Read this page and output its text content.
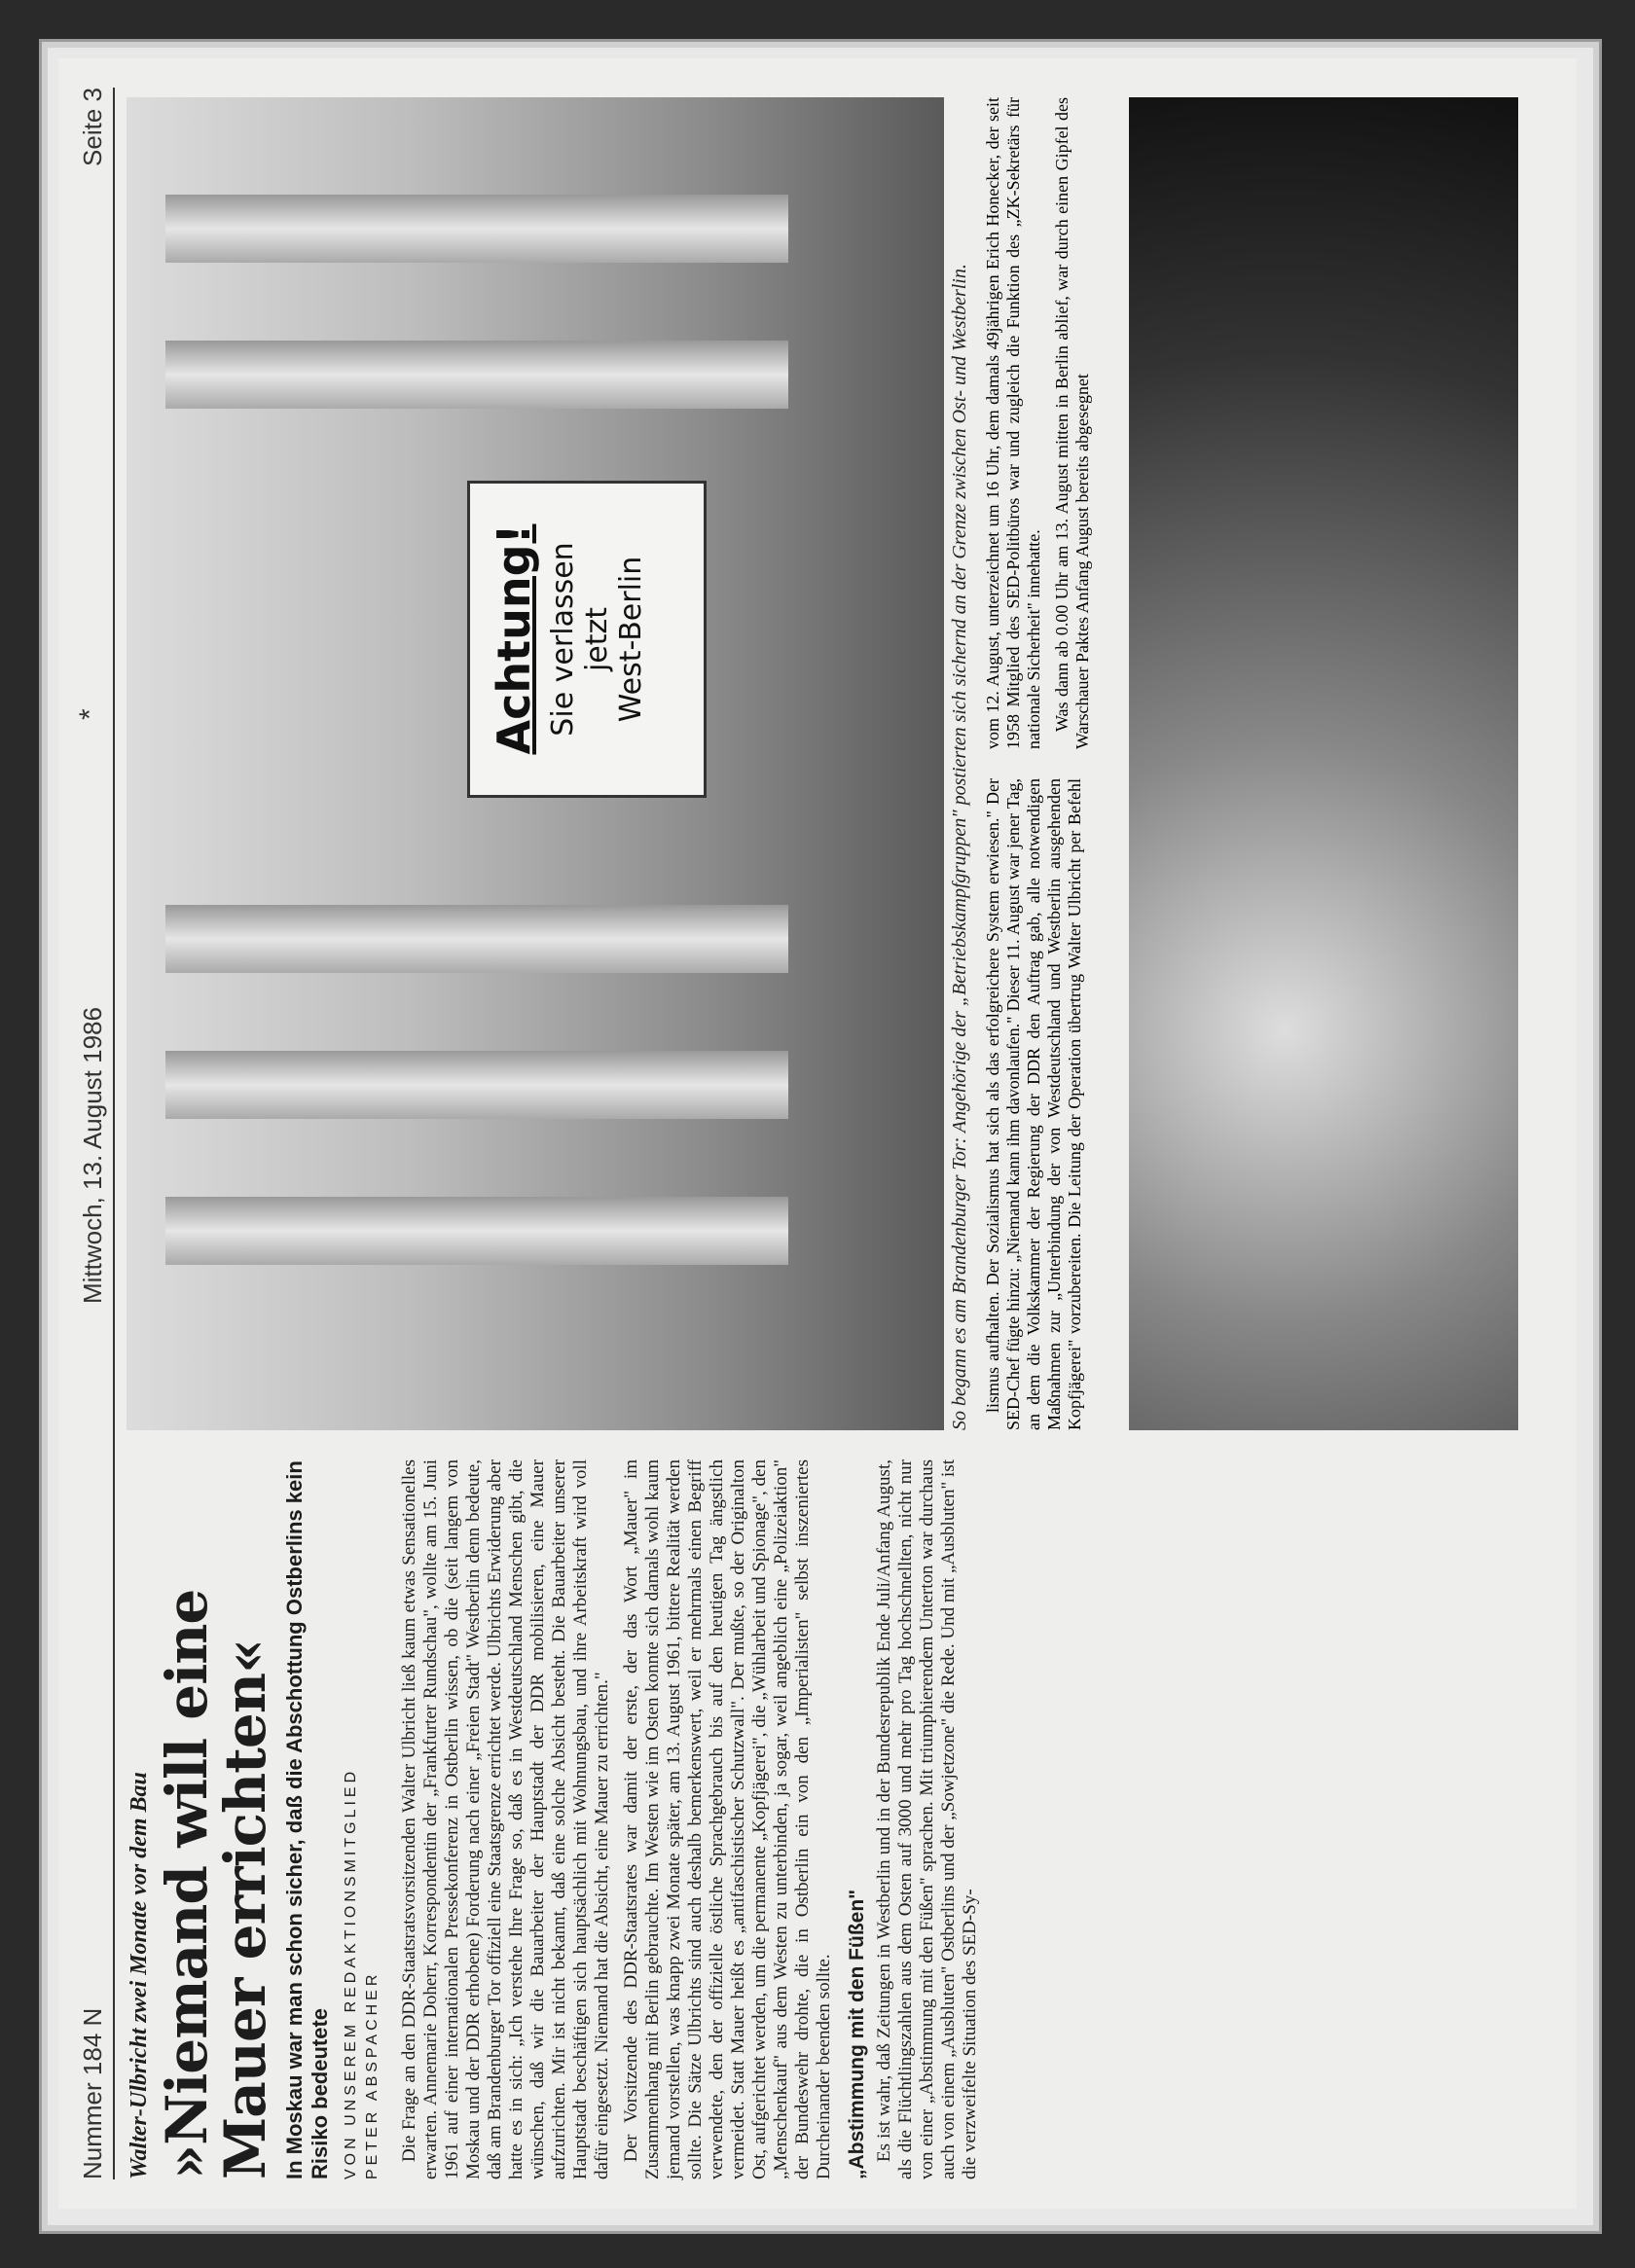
Nummer 184 N
Mittwoch, 13. August 1986
*
Seite 3
Walter-Ulbricht zwei Monate vor dem Bau »Niemand will eine Mauer errichten« In Moskau war man schon sicher, daß die Abschottung Ostberlins kein Risiko bedeutete VON UNSEREM REDAKTIONSMITGLIED PETER ABSPACHER Die Frage an den DDR-Staatsratsvorsitzenden Walter Ulbricht ließ kaum etwas Sensationelles erwarten. Annemarie Doherr, Korrespondentin der „Frankfurter Rundschau", wollte am 15. Juni 1961 auf einer internationalen Pressekonferenz in Ostberlin wissen, ob die (seit langem von Moskau und der DDR erhobene) Forderung nach einer „Freien Stadt" Westberlin denn bedeute, daß am Brandenburger Tor offiziell eine Staatsgrenze errichtet werde. Ulbrichts Erwiderung aber hatte es in sich: „Ich verstehe Ihre Frage so, daß es in Westdeutschland Menschen gibt, die wünschen, daß wir die Bauarbeiter der Hauptstadt der DDR mobilisieren, eine Mauer aufzurichten. Mir ist nicht bekannt, daß eine solche Absicht besteht. Die Bauarbeiter unserer Hauptstadt beschäftigen sich hauptsächlich mit Wohnungsbau, und ihre Arbeitskraft wird voll dafür eingesetzt. Niemand hat die Absicht, eine Mauer zu errichten." Der Vorsitzende des DDR-Staatsrates war damit der erste, der das Wort „Mauer" im Zusammenhang mit Berlin gebrauchte. Im Westen wie im Osten konnte sich damals wohl kaum jemand vorstellen, was knapp zwei Monate später, am 13. August 1961, bittere Realität werden sollte. Die Sätze Ulbrichts sind auch deshalb bemerkenswert, weil er mehrmals einen Begriff verwendete, den der offizielle östliche Sprachgebrauch bis auf den heutigen Tag ängstlich vermeidet. Statt Mauer heißt es „antifaschistischer Schutzwall". Der mußte, so der Originalton Ost, aufgerichtet werden, um die permanente „Kopfjägerei", die „Wühlarbeit und Spionage", den „Menschenkauf" aus dem Westen zu unterbinden, ja sogar, weil angeblich eine „Polizeiaktion" der Bundeswehr drohte, die in Ostberlin ein von den „Imperialisten" selbst inszeniertes Durcheinander beenden sollte. „Abstimmung mit den Füßen" Es ist wahr, daß Zeitungen in Westberlin und in der Bundesrepublik Ende Juli/Anfang August, als die Flüchtlingszahlen aus dem Osten auf 3000 und mehr pro Tag hochschnellten, nicht nur von einer „Abstimmung mit den Füßen" sprachen. Mit triumphierendem Unterton war durchaus auch von einem „Ausbluten" Ostberlins und der „Sowjetzone" die Rede. Und mit „Ausbluten" ist die verzweifelte Situation des SED-Sy-

Achtung! Sie verlassen jetzt West-Berlin	So begann es am Brandenburger Tor: Angehörige der „Betriebskampfgruppen" postierten sich sichernd an der Grenze zwischen Ost- und Westberlin. lismus aufhalten. Der Sozialismus hat sich als das erfolgreichere System erwiesen." Der SED-Chef fügte hinzu: „Niemand kann ihm davonlaufen." Dieser 11. August war jener Tag, an dem die Volkskammer der Regierung der DDR den Auftrag gab, alle notwendigen Maßnahmen zur „Unterbindung der von Westdeutschland und Westberlin ausgehenden Kopfjägerei" vorzubereiten. Die Leitung der Operation übertrug Walter Ulbricht per Befehl vom 12. August, unterzeichnet um 16 Uhr, dem damals 49jährigen Erich Honecker, der seit 1958 Mitglied des SED-Politbüros war und zugleich die Funktion des „ZK-Sekretärs für nationale Sicherheit" innehatte. Was dann ab 0.00 Uhr am 13. August mitten in Berlin ablief, war durch einen Gipfel des Warschauer Paktes Anfang August bereits abgesegnet
